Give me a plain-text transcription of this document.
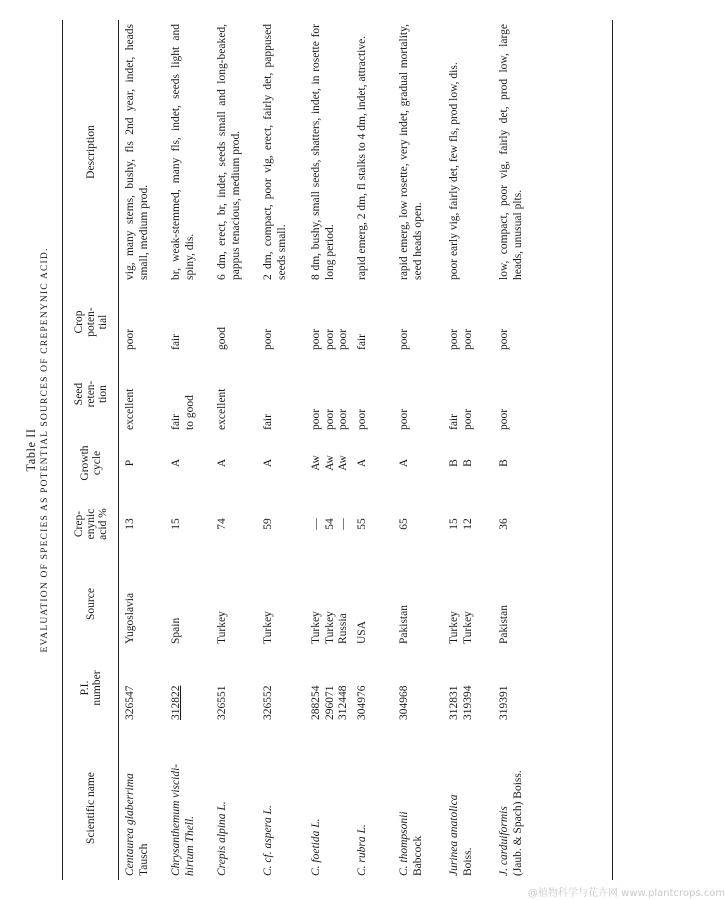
Table II EVALUATION OF SPECIES AS POTENTIAL SOURCES OF CREPENYNIC ACID.
Scientific name
P.I. number
Source
Crep- enynic acid %
Growth cycle
Seed reten- tion
Crop poten- tial
Description
Centaurea glaberrima Tausch
326547
Yugoslavia
13
P
excellent
poor
vig, many stems, bushy, fls 2nd year, indet, heads small, medium prod.
Chrysanthemum viscidi- hirtum Thell.
312822
Spain
15
A
fair to good
fair
br, weak-stemmed, many fls, indet, seeds light and spiny, dis.
Crepis alpina L.
326551
Turkey
74
A
excellent
good
6 dm, erect, br, indet, seeds small and long-beaked, pappus tenacious, medium prod.
C. cf. aspera L.
326552
Turkey
59
A
fair
poor
2 dm, compact, poor vig, erect, fairly det, pappused seeds small.
C. foetida L.
288254 296071 312448
Turkey Turkey Russia
— 54 —
Aw Aw Aw
poor poor poor
poor poor poor
8 dm, bushy, small seeds, shatters, indet, in rosette for long period.
C. rubra L.
304976
USA
55
A
poor
fair
rapid emerg, 2 dm, fl stalks to 4 dm, indet, attractive.
C. thompsonii Babcock
304968
Pakistan
65
A
poor
poor
rapid emerg, low rosette, very indet, gradual mortality, seed heads open.
Jurinea anatolica Boiss.
312831 319394
Turkey Turkey
15 12
B B
fair poor
poor poor
poor early vig, fairly det, few fls, prod low, dis.
J. carduiformis (Jaub. & Spach) Boiss.
319391
Pakistan
36
B
poor
poor
low, compact, poor vig, fairly det, prod low, large heads, unusual plts.
@植物科学与花卉网 www.plantcrops.com
